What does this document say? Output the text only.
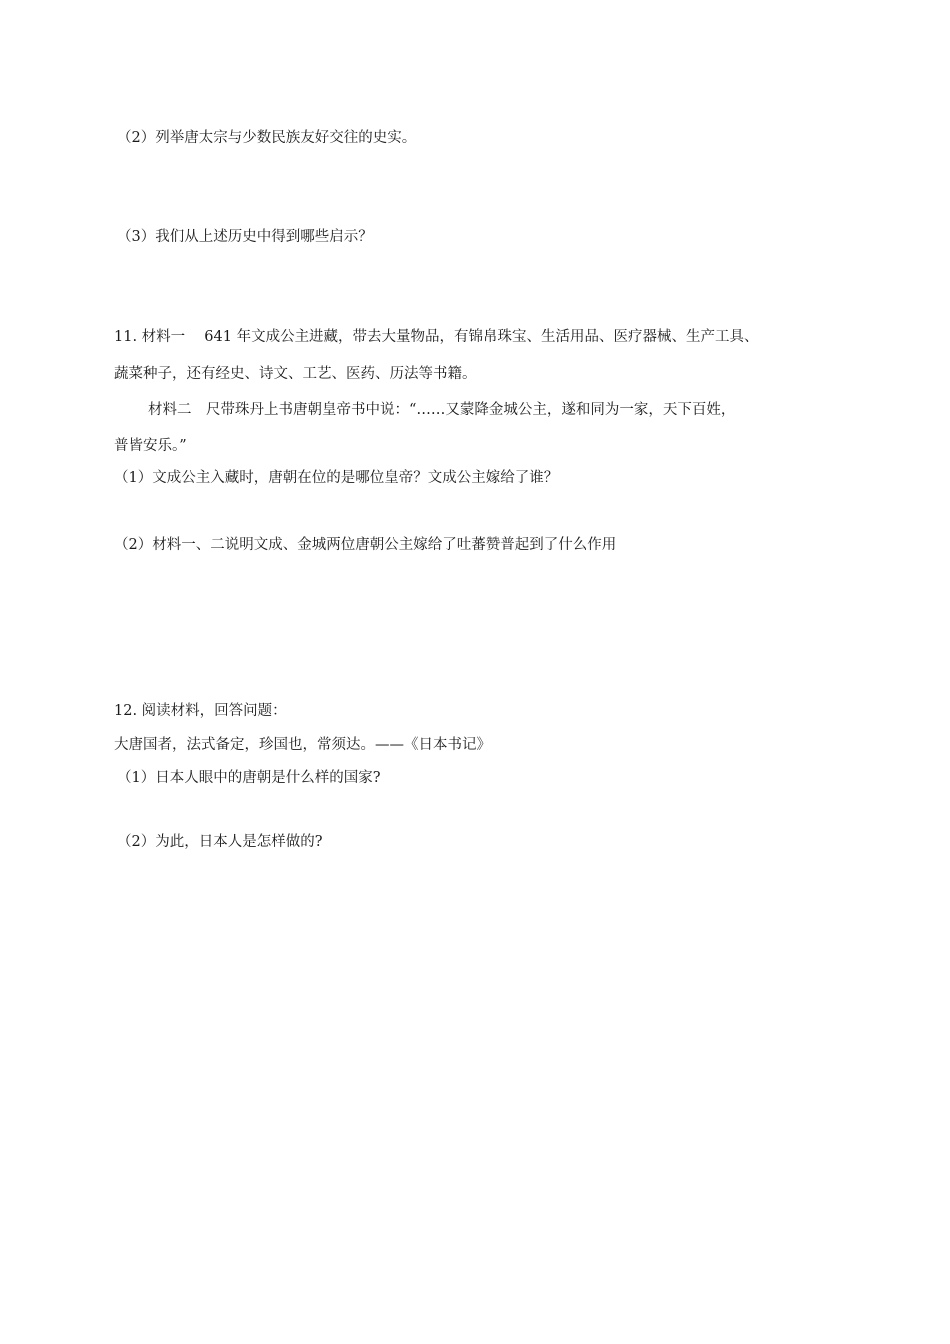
（2）列举唐太宗与少数民族友好交往的史实。
（3）我们从上述历史中得到哪些启示？
11. 材料一　 641 年文成公主进藏，带去大量物品，有锦帛珠宝、生活用品、医疗器械、生产工具、
蔬菜种子，还有经史、诗文、工艺、医药、历法等书籍。
材料二　尺带珠丹上书唐朝皇帝书中说：“……又蒙降金城公主，遂和同为一家，天下百姓，
普皆安乐。”
（1）文成公主入藏时，唐朝在位的是哪位皇帝？文成公主嫁给了谁？
（2）材料一、二说明文成、金城两位唐朝公主嫁给了吐蕃赞普起到了什么作用
12. 阅读材料，回答问题：
大唐国者，法式备定，珍国也，常须达。——《日本书记》
（1）日本人眼中的唐朝是什么样的国家?
（2）为此，日本人是怎样做的?
